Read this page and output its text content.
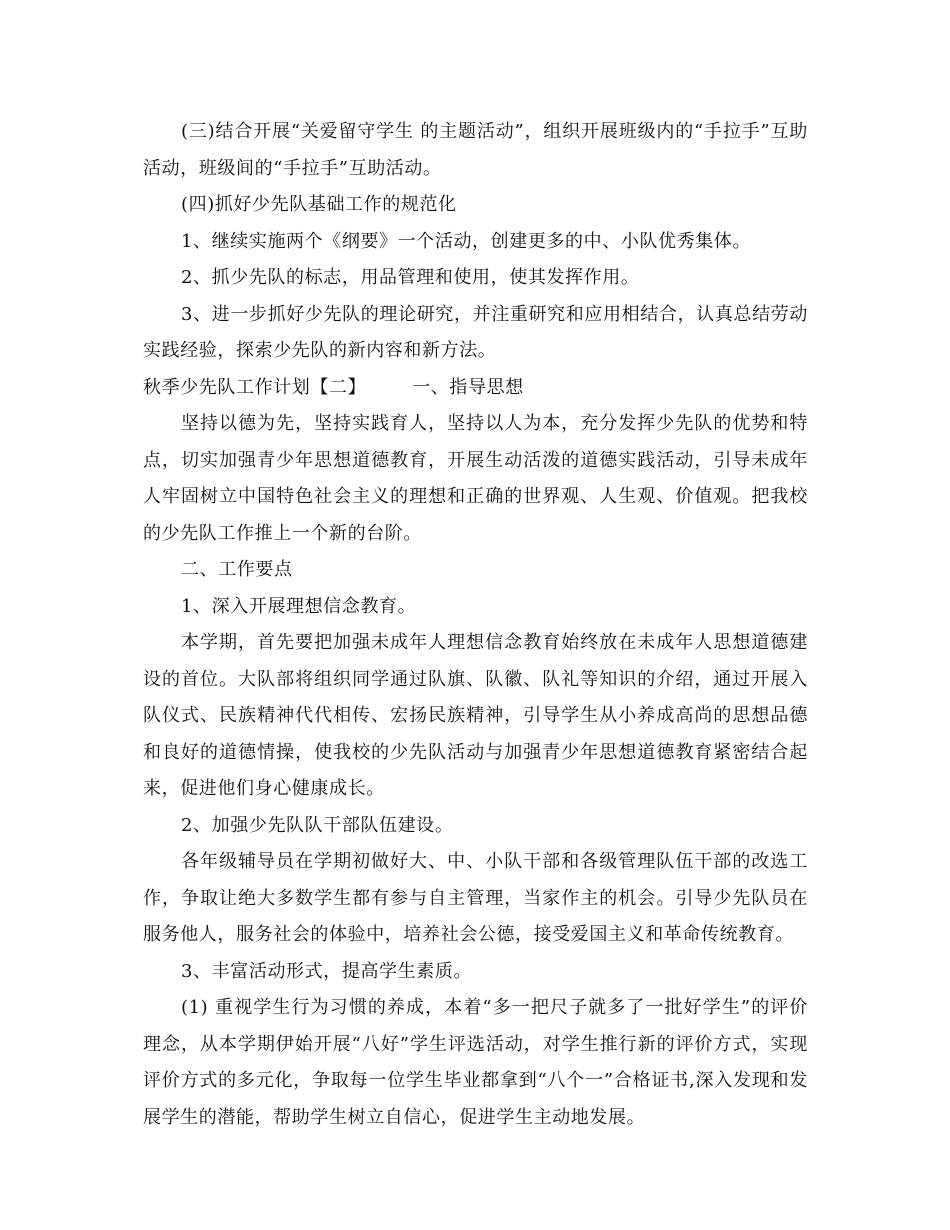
(三)结合开展“关爱留守学生 的主题活动”，组织开展班级内的“手拉手”互助活动，班级间的“手拉手”互助活动。

(四)抓好少先队基础工作的规范化

1、继续实施两个《纲要》一个活动，创建更多的中、小队优秀集体。

2、抓少先队的标志，用品管理和使用，使其发挥作用。

3、进一步抓好少先队的理论研究，并注重研究和应用相结合，认真总结劳动实践经验，探索少先队的新内容和新方法。

秋季少先队工作计划【二】	一、指导思想

坚持以德为先，坚持实践育人，坚持以人为本，充分发挥少先队的优势和特点，切实加强青少年思想道德教育，开展生动活泼的道德实践活动，引导未成年人牢固树立中国特色社会主义的理想和正确的世界观、人生观、价值观。把我校的少先队工作推上一个新的台阶。

二、工作要点

1、深入开展理想信念教育。

本学期，首先要把加强未成年人理想信念教育始终放在未成年人思想道德建设的首位。大队部将组织同学通过队旗、队徽、队礼等知识的介绍，通过开展入队仪式、民族精神代代相传、宏扬民族精神，引导学生从小养成高尚的思想品德和良好的道德情操，使我校的少先队活动与加强青少年思想道德教育紧密结合起来，促进他们身心健康成长。

2、加强少先队队干部队伍建设。

各年级辅导员在学期初做好大、中、小队干部和各级管理队伍干部的改选工作，争取让绝大多数学生都有参与自主管理，当家作主的机会。引导少先队员在服务他人，服务社会的体验中，培养社会公德，接受爱国主义和革命传统教育。

3、丰富活动形式，提高学生素质。

(1) 重视学生行为习惯的养成，本着“多一把尺子就多了一批好学生”的评价理念，从本学期伊始开展“八好”学生评选活动，对学生推行新的评价方式，实现评价方式的多元化，争取每一位学生毕业都拿到“八个一”合格证书,深入发现和发展学生的潜能，帮助学生树立自信心，促进学生主动地发展。
